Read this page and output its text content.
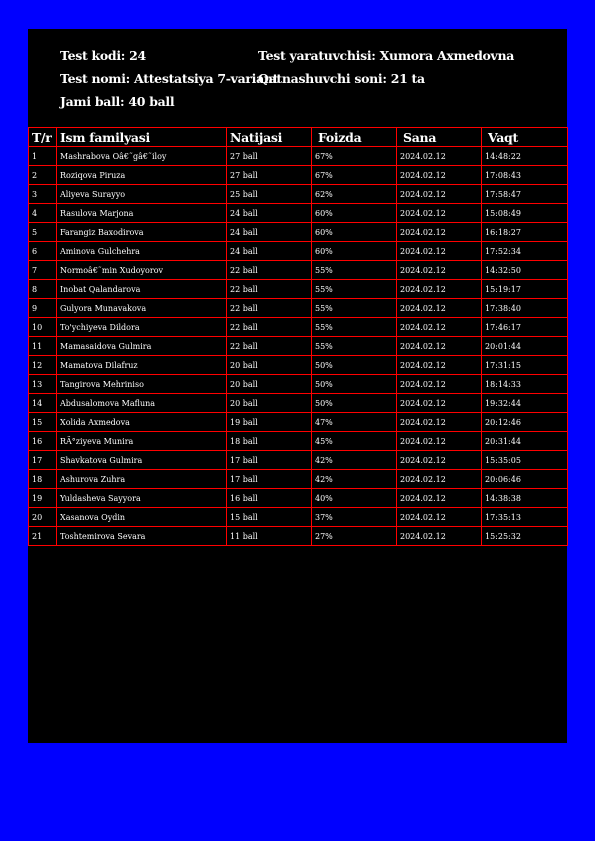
Test kodi: 24	Test yaratuvchisi: Xumora Axmedovna
Test nomi: Attestatsiya 7-variant
Qatnashuvchi soni: 21 ta
Jami ball: 40 ball
T/r	Ism familyasi	Natijasi	Foizda	Sana	Vaqt
1	Mashrabova Oâ€˜gâ€˜iloy	27 ball	67%	2024.02.12	14:48:22
2	Roziqova Piruza	27 ball	67%	2024.02.12	17:08:43
3	Aliyeva Surayyo	25 ball	62%	2024.02.12	17:58:47
4	Rasulova Marjona	24 ball	60%	2024.02.12	15:08:49
5	Farangiz Baxodirova	24 ball	60%	2024.02.12	16:18:27
6	Aminova Gulchehra	24 ball	60%	2024.02.12	17:52:34
7	Normoâ€˜min Xudoyorov	22 ball	55%	2024.02.12	14:32:50
8	Inobat Qalandarova	22 ball	55%	2024.02.12	15:19:17
9	Gulyora Munavakova	22 ball	55%	2024.02.12	17:38:40
10	To'ychiyeva Dildora	22 ball	55%	2024.02.12	17:46:17
11	Mamasaidova Gulmira	22 ball	55%	2024.02.12	20:01:44
12	Mamatova Dilafruz	20 ball	50%	2024.02.12	17:31:15
13	Tangirova Mehriniso	20 ball	50%	2024.02.12	18:14:33
14	Abdusalomova Mafluna	20 ball	50%	2024.02.12	19:32:44
15	Xolida Axmedova	19 ball	47%	2024.02.12	20:12:46
16	RÄ°ziyeva Munira	18 ball	45%	2024.02.12	20:31:44
17	Shavkatova Gulmira	17 ball	42%	2024.02.12	15:35:05
18	Ashurova Zuhra	17 ball	42%	2024.02.12	20:06:46
19	Yuldasheva Sayyora	16 ball	40%	2024.02.12	14:38:38
20	Xasanova Oydin	15 ball	37%	2024.02.12	17:35:13
21	Toshtemirova Sevara	11 ball	27%	2024.02.12	15:25:32
